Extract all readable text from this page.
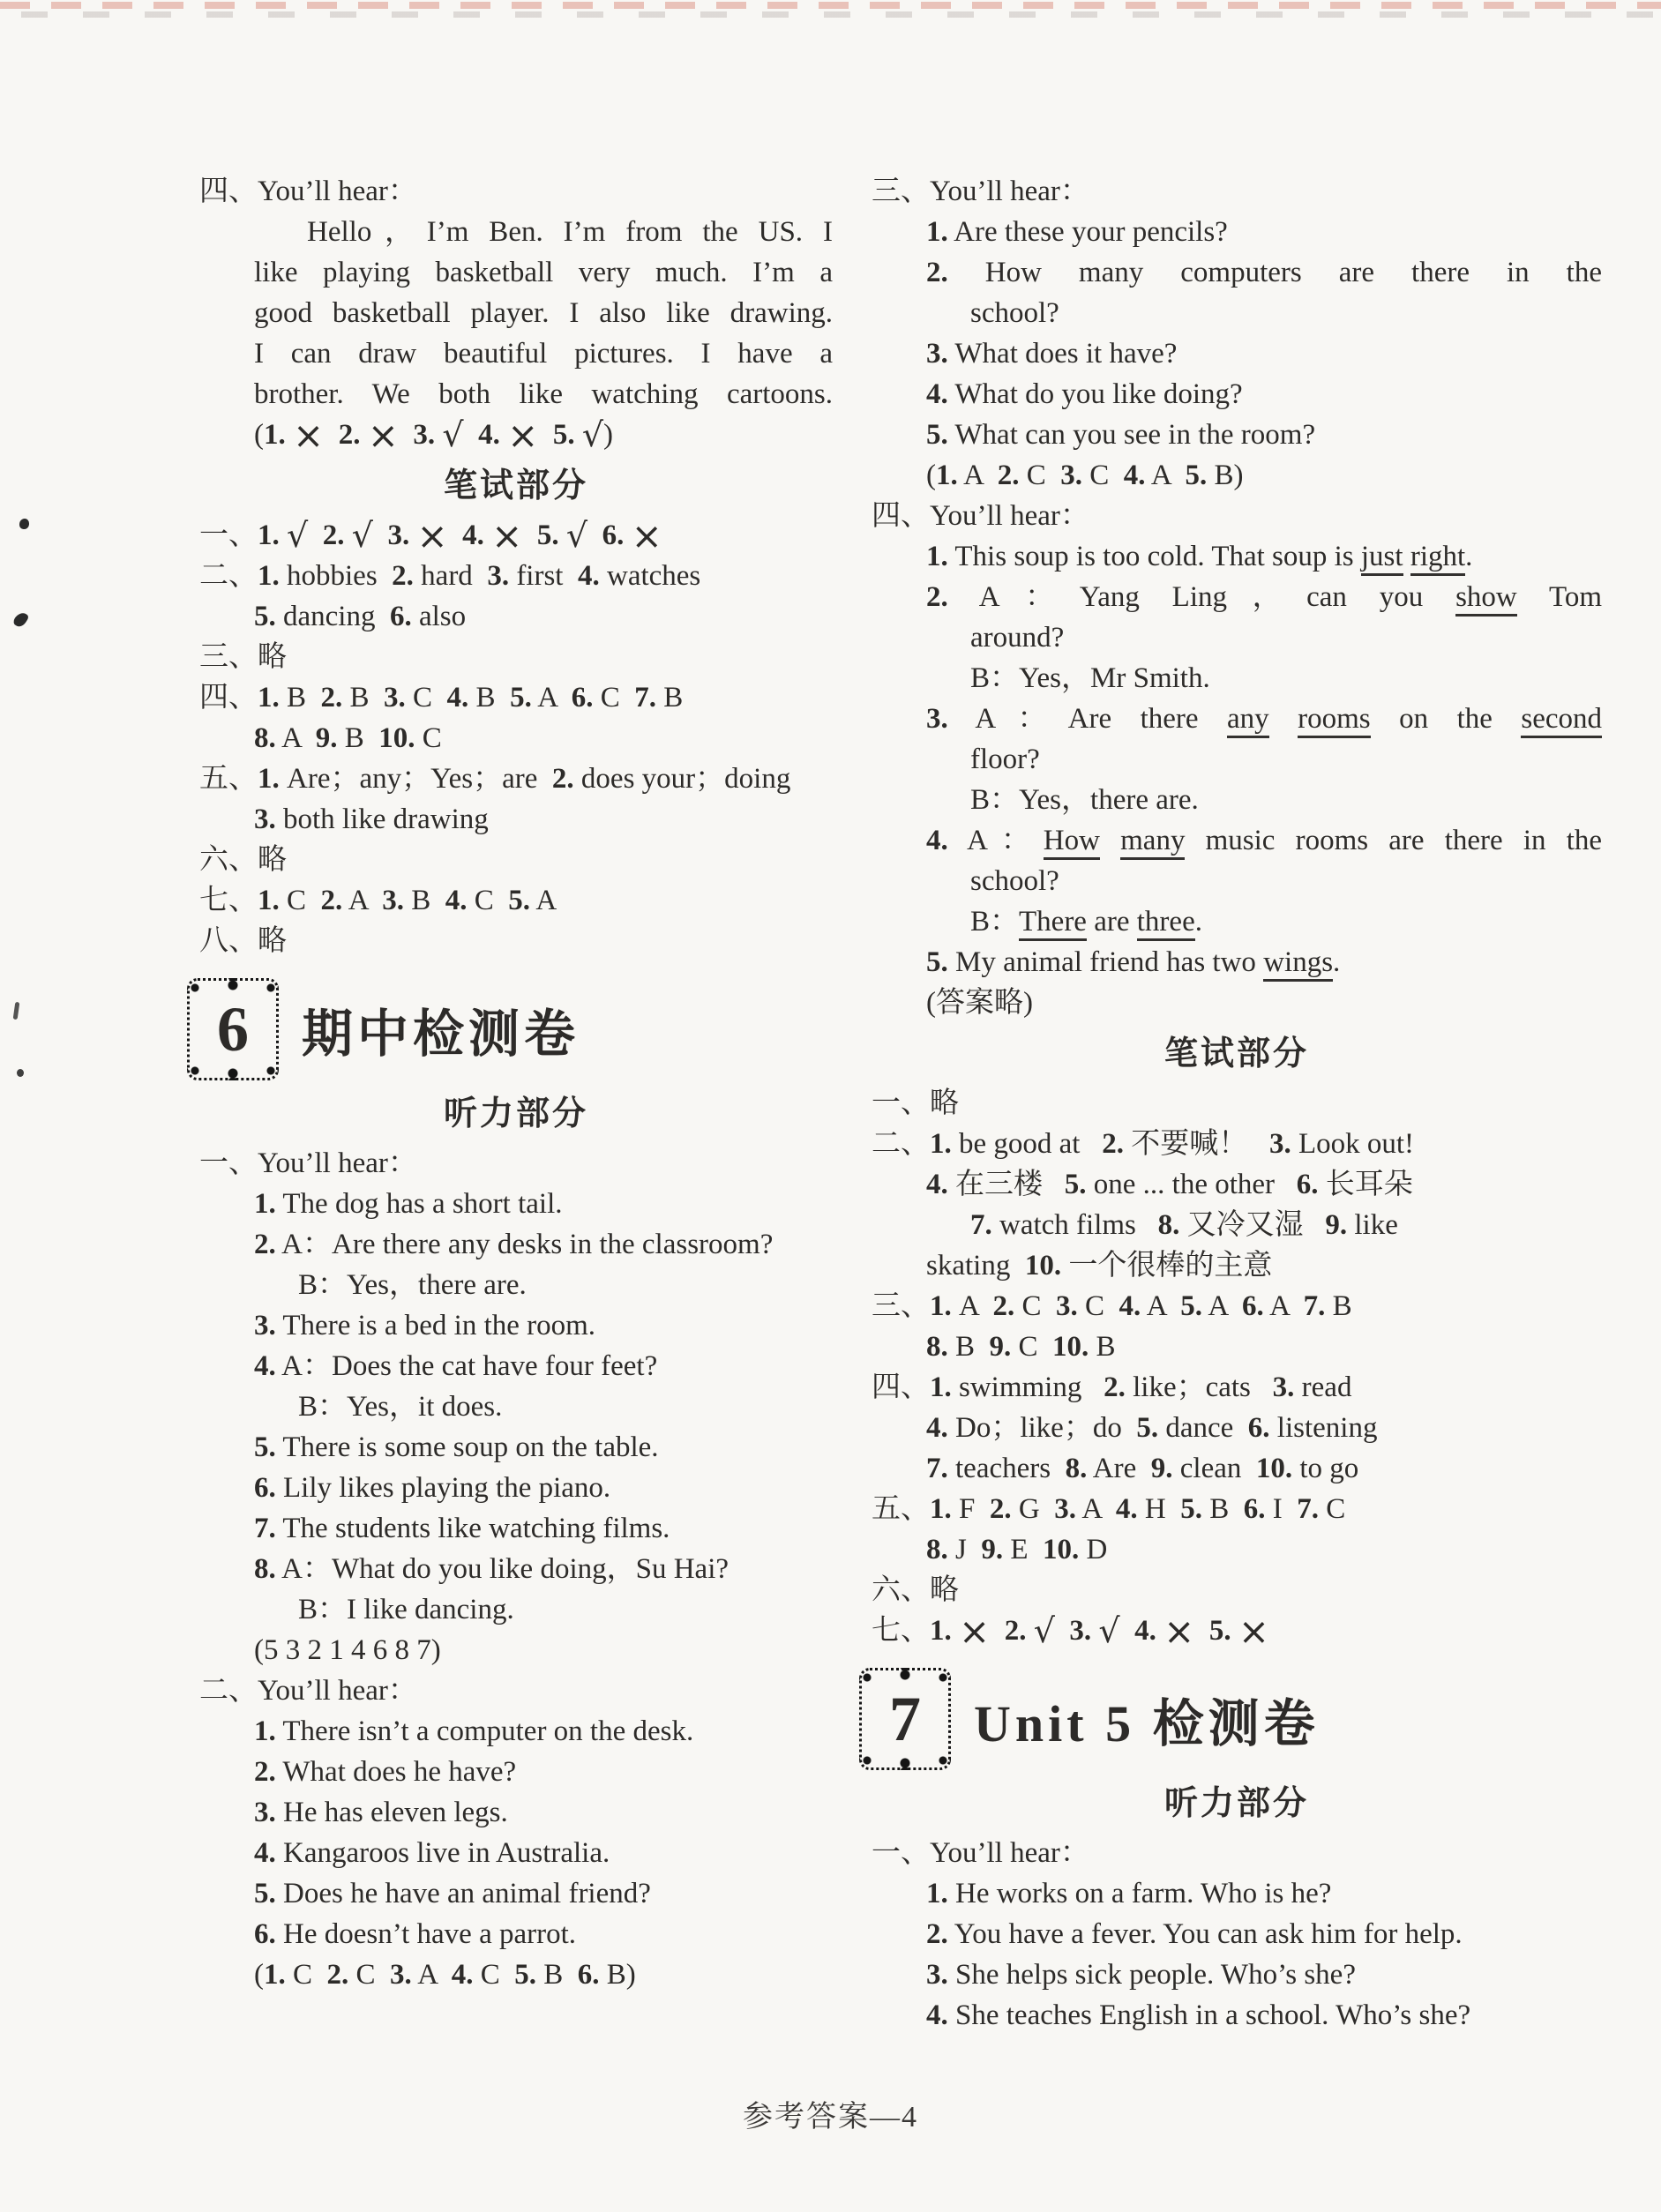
四、You’ll hear：
Hello，I’m Ben. I’m from the US. I
like playing basketball very much. I’m a
good basketball player. I also like drawing.
I can draw beautiful pictures. I have a
brother. We both like watching cartoons.
(1. × 2. × 3. √ 4. × 5. √)
笔试部分
一、1. √ 2. √ 3. × 4. × 5. √ 6. ×
二、1. hobbies  2. hard  3. first  4. watches
5. dancing  6. also
三、略
四、1. B  2. B  3. C  4. B  5. A  6. C  7. B
8. A  9. B  10. C
五、1. Are；any；Yes；are  2. does your；doing
3. both like drawing
六、略
七、1. C  2. A  3. B  4. C  5. A
八、略
6	期中检测卷
听力部分
一、You’ll hear：
1. The dog has a short tail.
2. A：Are there any desks in the classroom?
B：Yes，there are.
3. There is a bed in the room.
4. A：Does the cat have four feet?
B：Yes，it does.
5. There is some soup on the table.
6. Lily likes playing the piano.
7. The students like watching films.
8. A：What do you like doing，Su Hai?
B：I like dancing.
(5 3 2 1 4 6 8 7)
二、You’ll hear：
1. There isn’t a computer on the desk.
2. What does he have?
3. He has eleven legs.
4. Kangaroos live in Australia.
5. Does he have an animal friend?
6. He doesn’t have a parrot.
(1. C  2. C  3. A  4. C  5. B  6. B)
三、You’ll hear：
1. Are these your pencils?
2. How many computers are there in the
school?
3. What does it have?
4. What do you like doing?
5. What can you see in the room?
(1. A  2. C  3. C  4. A  5. B)
四、You’ll hear：
1. This soup is too cold. That soup is just right.
2. A：Yang Ling，can you show Tom
around?
B：Yes，Mr Smith.
3. A：Are there any rooms on the second
floor?
B：Yes，there are.
4. A：How many music rooms are there in the
school?
B：There are three.
5. My animal friend has two wings.
(答案略)
笔试部分
一、略
二、1. be good at   2. 不要喊！   3. Look out!
4. 在三楼   5. one ... the other   6. 长耳朵
7. watch films   8. 又冷又湿   9. like
skating  10. 一个很棒的主意
三、1. A  2. C  3. C  4. A  5. A  6. A  7. B
8. B  9. C  10. B
四、1. swimming   2. like；cats   3. read
4. Do；like；do  5. dance  6. listening
7. teachers  8. Are  9. clean  10. to go
五、1. F  2. G  3. A  4. H  5. B  6. I  7. C
8. J  9. E  10. D
六、略
七、1. × 2. √ 3. √ 4. × 5. ×
7	Unit 5 检测卷
听力部分
一、You’ll hear：
1. He works on a farm. Who is he?
2. You have a fever. You can ask him for help.
3. She helps sick people. Who’s she?
4. She teaches English in a school. Who’s she?
参考答案—4
